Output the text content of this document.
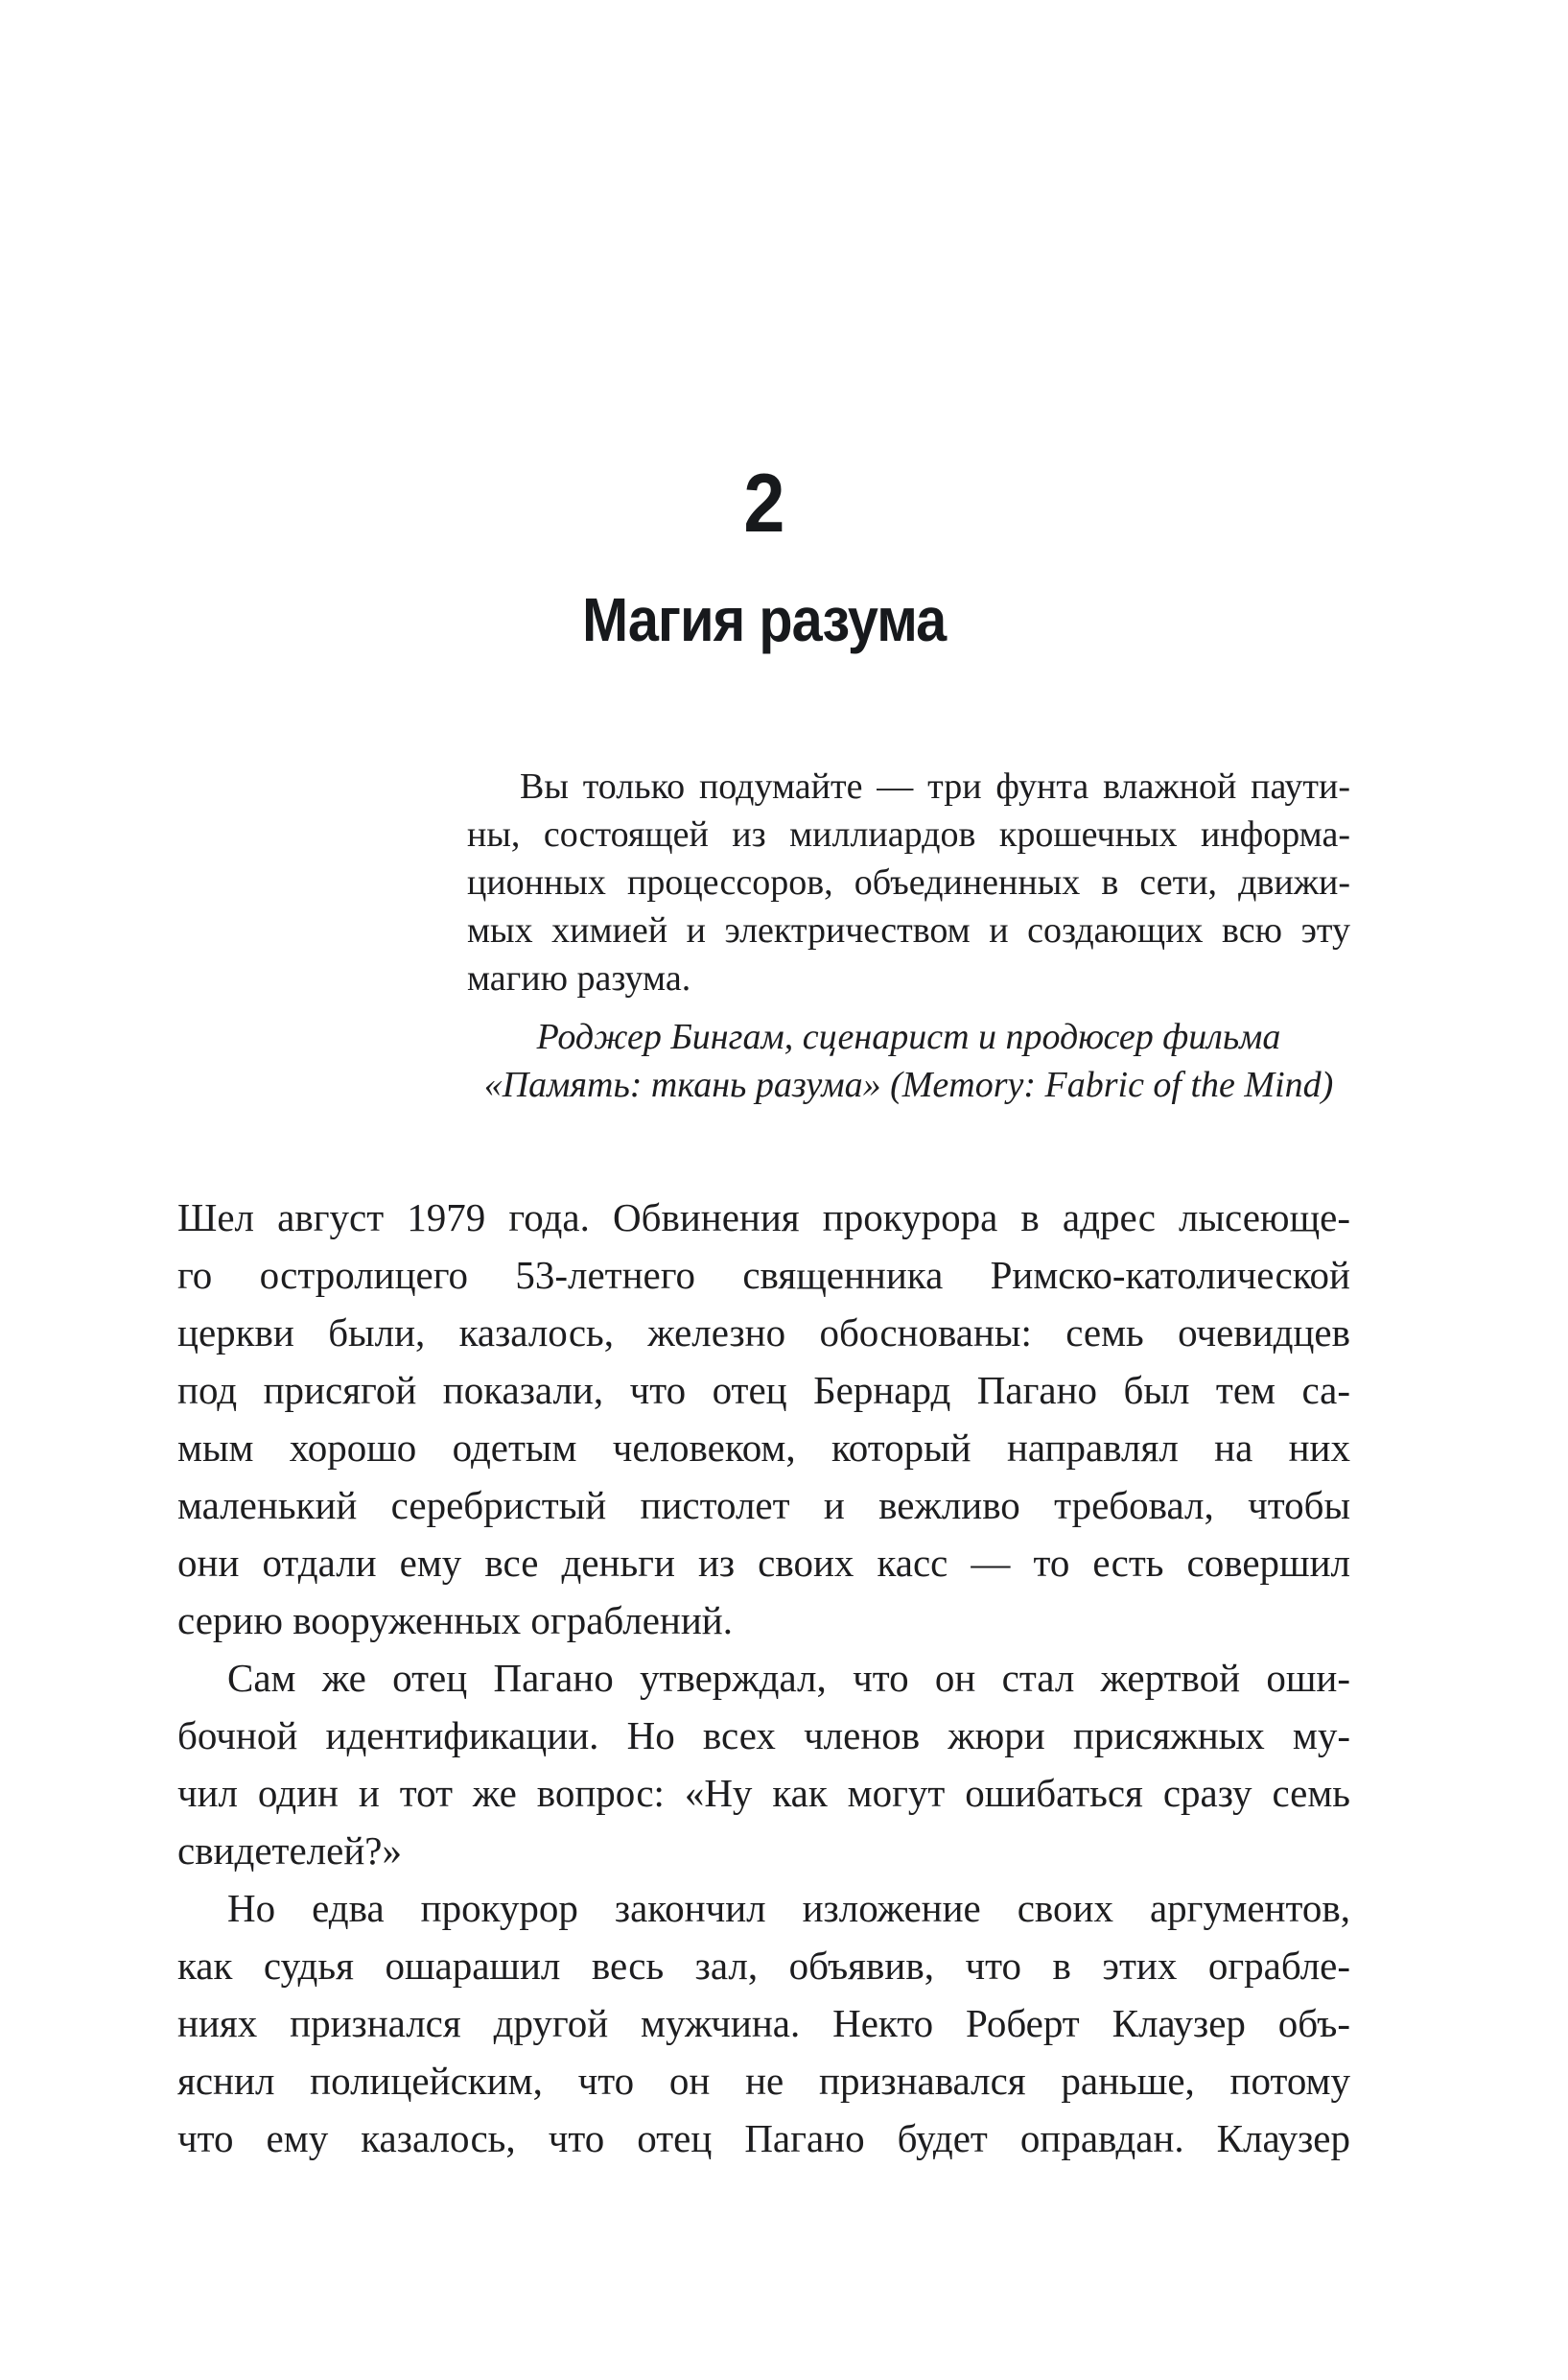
2
Магия разума
Вы только подумайте — три фунта влажной паути-
ны, состоящей из миллиардов крошечных информа-
ционных процессоров, объединенных в сети, движи-
мых химией и электричеством и создающих всю эту
магию разума.
Роджер Бингам, сценарист и продюсер фильма
«Память: ткань разума» (Memory: Fabric of the Mind)
Шел август 1979 года. Обвинения прокурора в адрес лысеюще-
го остролицего 53-летнего священника Римско-католической
церкви были, казалось, железно обоснованы: семь очевидцев
под присягой показали, что отец Бернард Пагано был тем са-
мым хорошо одетым человеком, который направлял на них
маленький серебристый пистолет и вежливо требовал, чтобы
они отдали ему все деньги из своих касс — то есть совершил
серию вооруженных ограблений.
Сам же отец Пагано утверждал, что он стал жертвой оши-
бочной идентификации. Но всех членов жюри присяжных му-
чил один и тот же вопрос: «Ну как могут ошибаться сразу семь
свидетелей?»
Но едва прокурор закончил изложение своих аргументов,
как судья ошарашил весь зал, объявив, что в этих ограбле-
ниях признался другой мужчина. Некто Роберт Клаузер объ-
яснил полицейским, что он не признавался раньше, потому
что ему казалось, что отец Пагано будет оправдан. Клаузер
